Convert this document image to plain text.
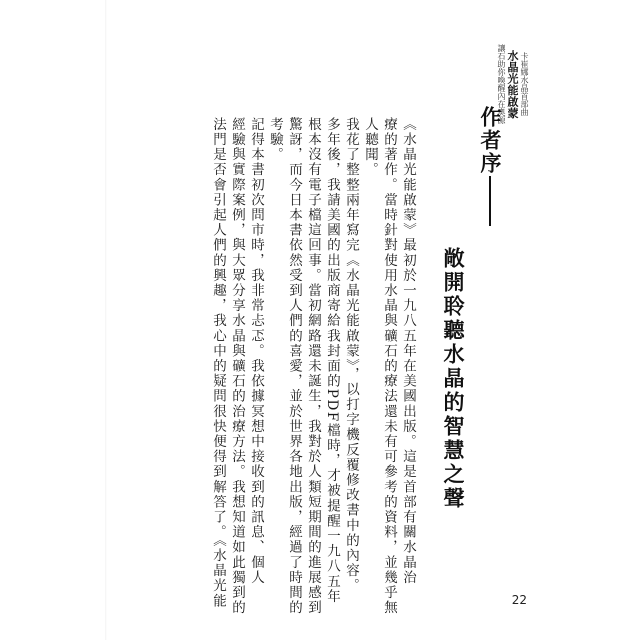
卡崔娜水晶首部曲
水晶光能啟蒙
讓石助你喚醒內在奧源
作者序
敞開聆聽水晶的智慧之聲
《水晶光能啟蒙》最初於一九八五年在美國出版。這是首部有關水晶治
療的著作。當時針對使用水晶與礦石的療法還未有可參考的資料，並幾乎無
人聽聞。
我花了整整兩年寫完《水晶光能啟蒙》，以打字機反覆修改書中的內容。
多年後，我請美國的出版商寄給我封面的PDF檔時，才被提醒一九八五年
根本沒有電子檔這回事。當初網路還未誕生，我對於人類短期間的進展感到
驚訝，而今日本書依然受到人們的喜愛，並於世界各地出版，經過了時間的
考驗。
記得本書初次問市時，我非常忐忑。我依據冥想中接收到的訊息、個人
經驗與實際案例，與大眾分享水晶與礦石的治療方法。我想知道如此獨到的
法門是否會引起人們的興趣，我心中的疑問很快便得到解答了。《水晶光能	22
